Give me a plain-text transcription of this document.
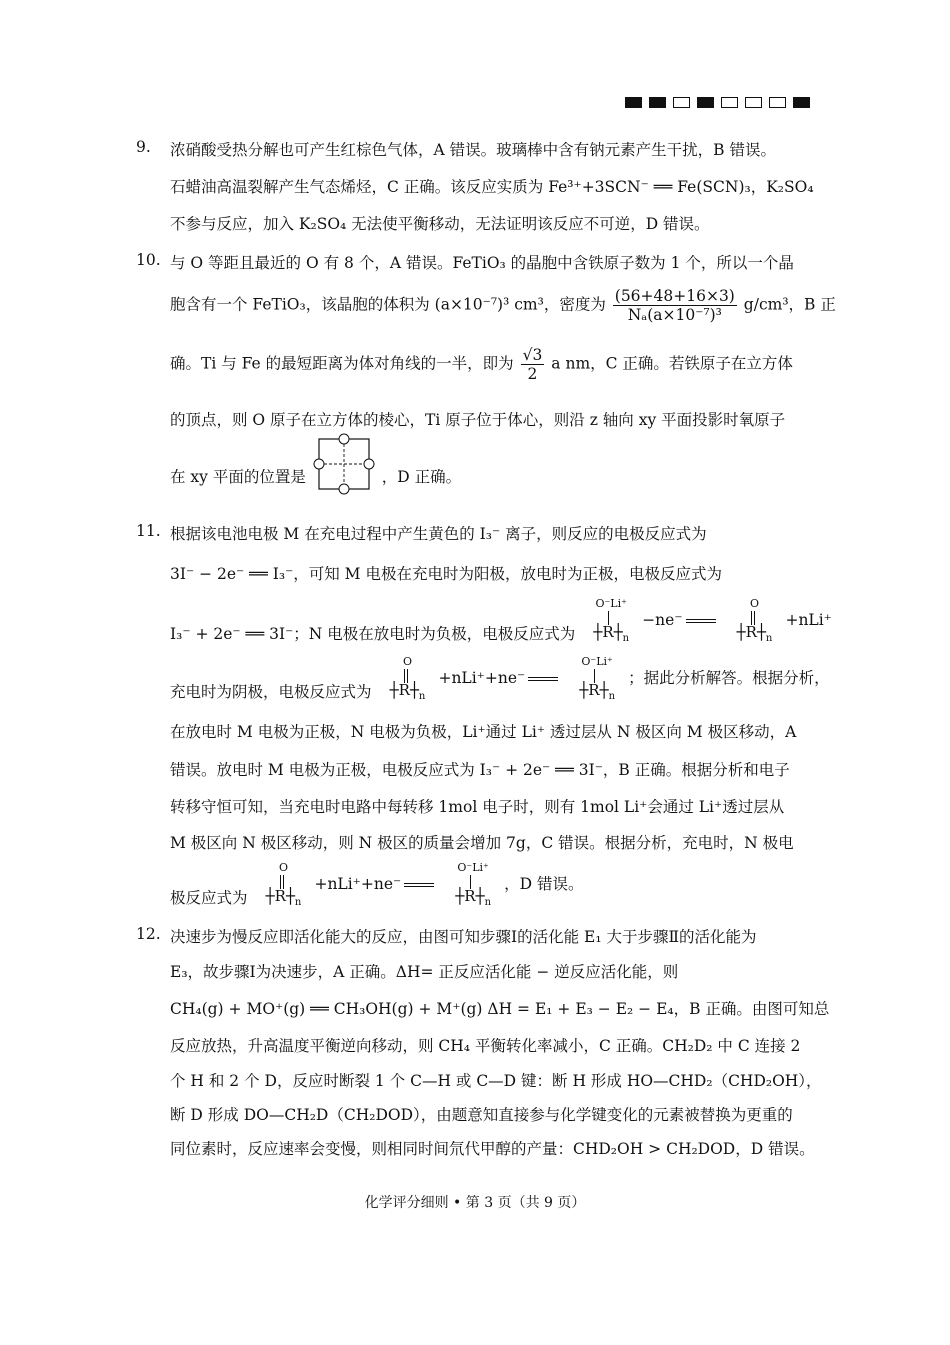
9.	浓硝酸受热分解也可产生红棕色气体，A 错误。玻璃棒中含有钠元素产生干扰，B 错误。
石蜡油高温裂解产生气态烯烃，C 正确。该反应实质为 Fe³⁺+3SCN⁻ ══ Fe(SCN)₃，K₂SO₄
不参与反应，加入 K₂SO₄ 无法使平衡移动，无法证明该反应不可逆，D 错误。
10. 与 O 等距且最近的 O 有 8 个，A 错误。FeTiO₃ 的晶胞中含铁原子数为 1 个，所以一个晶
胞含有一个 FeTiO₃，该晶胞的体积为 (a×10⁻⁷)³ cm³，密度为 $\frac{(56+48+16\times 3)}{\text{Nₐ(a×10⁻⁷)³}} g/cm^3$，B 正
确。Ti 与 Fe 的最短距离为体对角线的一半，即为 $\frac{√3}{2}$ a nm，C 正确。若铁原子在立方体
的顶点，则 O 原子在立方体的棱心，Ti 原子位于体心，则沿 z 轴向 xy 平面投影时氧原子
在 xy 平面的位置是	，D 正确。
11. 根据该电池电极 M 在充电过程中产生黄色的 I₃⁻ 离子，则反应的电极反应式为
3I⁻ − 2e⁻ ══ I₃⁻，可知 M 电极在充电时为阳极，放电时为正极，电极反应式为
I₃⁻ + 2e⁻ ══ 3I⁻；N 电极在放电时为负极，电极反应式为
O⁻Li⁺
$┼R┼_n$
−ne⁻
O
$┼R┼_n$
+nLi⁺
充电时为阴极，电极反应式为
O
$┼R┼_n$
+nLi⁺+ne⁻
O⁻Li⁺
$┼R┼_n$
；据此分析解答。根据分析，
在放电时 M 电极为正极，N 电极为负极，Li⁺通过 Li⁺ 透过层从 N 极区向 M 极区移动，A
错误。放电时 M 电极为正极，电极反应式为 I₃⁻ + 2e⁻ ══ 3I⁻，B 正确。根据分析和电子
转移守恒可知，当充电时电路中每转移 1mol 电子时，则有 1mol Li⁺会通过 Li⁺透过层从
M 极区向 N 极区移动，则 N 极区的质量会增加 7g，C 错误。根据分析，充电时，N 极电
极反应式为
O
$┼R┼_n$
+nLi⁺+ne⁻
O⁻Li⁺
$┼R┼_n$
，D 错误。
12. 决速步为慢反应即活化能大的反应，由图可知步骤Ⅰ的活化能 E₁ 大于步骤Ⅱ的活化能为
E₃，故步骤Ⅰ为决速步，A 正确。ΔH= 正反应活化能 − 逆反应活化能，则
CH₄(g) + MO⁺(g) ══ CH₃OH(g) + M⁺(g) ΔH = E₁ + E₃ − E₂ − E₄，B 正确。由图可知总
反应放热，升高温度平衡逆向移动，则 CH₄ 平衡转化率减小，C 正确。CH₂D₂ 中 C 连接 2
个 H 和 2 个 D，反应时断裂 1 个 C—H 或 C—D 键：断 H 形成 HO—CHD₂（CHD₂OH），
断 D 形成 DO—CH₂D（CH₂DOD），由题意知直接参与化学键变化的元素被替换为更重的
同位素时，反应速率会变慢，则相同时间氘代甲醇的产量：CHD₂OH > CH₂DOD，D 错误。
化学评分细则 • 第 3 页（共 9 页）
